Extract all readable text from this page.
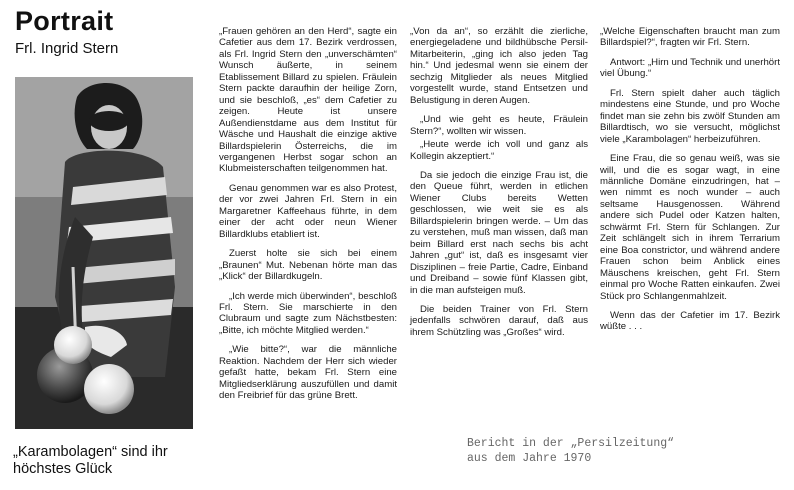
Portrait
Frl. Ingrid Stern
„Karambolagen“ sind ihr höchstes Glück

„Frauen gehören an den Herd“, sagte ein Cafetier aus dem 17. Bezirk verdrossen, als Frl. Ingrid Stern den „unverschämten“ Wunsch äußerte, in seinem Etablissement Billard zu spielen. Fräulein Stern packte daraufhin der heilige Zorn, und sie beschloß, „es“ dem Cafetier zu zeigen. Heute ist unsere Außendienstdame aus dem Institut für Wäsche und Haushalt die einzige aktive Billardspielerin Österreichs, die im vergangenen Herbst sogar schon an Klubmeisterschaften teilgenommen hat.

Genau genommen war es also Protest, der vor zwei Jahren Frl. Stern in ein Margaretner Kaffeehaus führte, in dem einer der acht oder neun Wiener Billardklubs etabliert ist.

Zuerst holte sie sich bei einem „Braunen“ Mut. Nebenan hörte man das „Klick“ der Billardkugeln.

„Ich werde mich überwinden“, beschloß Frl. Stern. Sie marschierte in den Clubraum und sagte zum Nächstbesten: „Bitte, ich möchte Mitglied werden.“

„Wie bitte?“, war die männliche Reaktion. Nachdem der Herr sich wieder gefaßt hatte, bekam Frl. Stern eine Mitgliedserklärung auszufüllen und damit den Freibrief für das grüne Brett.

„Von da an“, so erzählt die zierliche, energiegeladene und bildhübsche Persil-Mitarbeiterin, „ging ich also jeden Tag hin.“ Und jedesmal wenn sie einem der sechzig Mitglieder als neues Mitglied vorgestellt wurde, stand Entsetzen und Belustigung in deren Augen.

„Und wie geht es heute, Fräulein Stern?“, wollten wir wissen.

„Heute werde ich voll und ganz als Kollegin akzeptiert.“

Da sie jedoch die einzige Frau ist, die den Queue führt, werden in etlichen Wiener Clubs bereits Wetten geschlossen, wie weit sie es als Billardspielerin bringen werde. – Um das zu verstehen, muß man wissen, daß man beim Billard erst nach sechs bis acht Jahren „gut“ ist, daß es insgesamt vier Disziplinen – freie Partie, Cadre, Einband und Dreiband – sowie fünf Klassen gibt, in die man aufsteigen muß.

Die beiden Trainer von Frl. Stern jedenfalls schwören darauf, daß aus ihrem Schützling was „Großes“ wird.

„Welche Eigenschaften braucht man zum Billardspiel?“, fragten wir Frl. Stern.

Antwort: „Hirn und Technik und unerhört viel Übung.“

Frl. Stern spielt daher auch täglich mindestens eine Stunde, und pro Woche findet man sie zehn bis zwölf Stunden am Billardtisch, wo sie versucht, möglichst viele „Karambolagen“ herbeizuführen.

Eine Frau, die so genau weiß, was sie will, und die es sogar wagt, in eine männliche Domäne einzudringen, hat – wen nimmt es noch wunder – auch seltsame Hausgenossen. Während andere sich Pudel oder Katzen halten, schwärmt Frl. Stern für Schlangen. Zur Zeit schlängelt sich in ihrem Terrarium eine Boa constrictor, und während andere Frauen schon beim Anblick eines Mäuschens kreischen, geht Frl. Stern einmal pro Woche Ratten einkaufen. Zwei Stück pro Schlangenmahlzeit.

Wenn das der Cafetier im 17. Bezirk wüßte . . .

Bericht in der „Persilzeitung“
aus dem Jahre 1970
